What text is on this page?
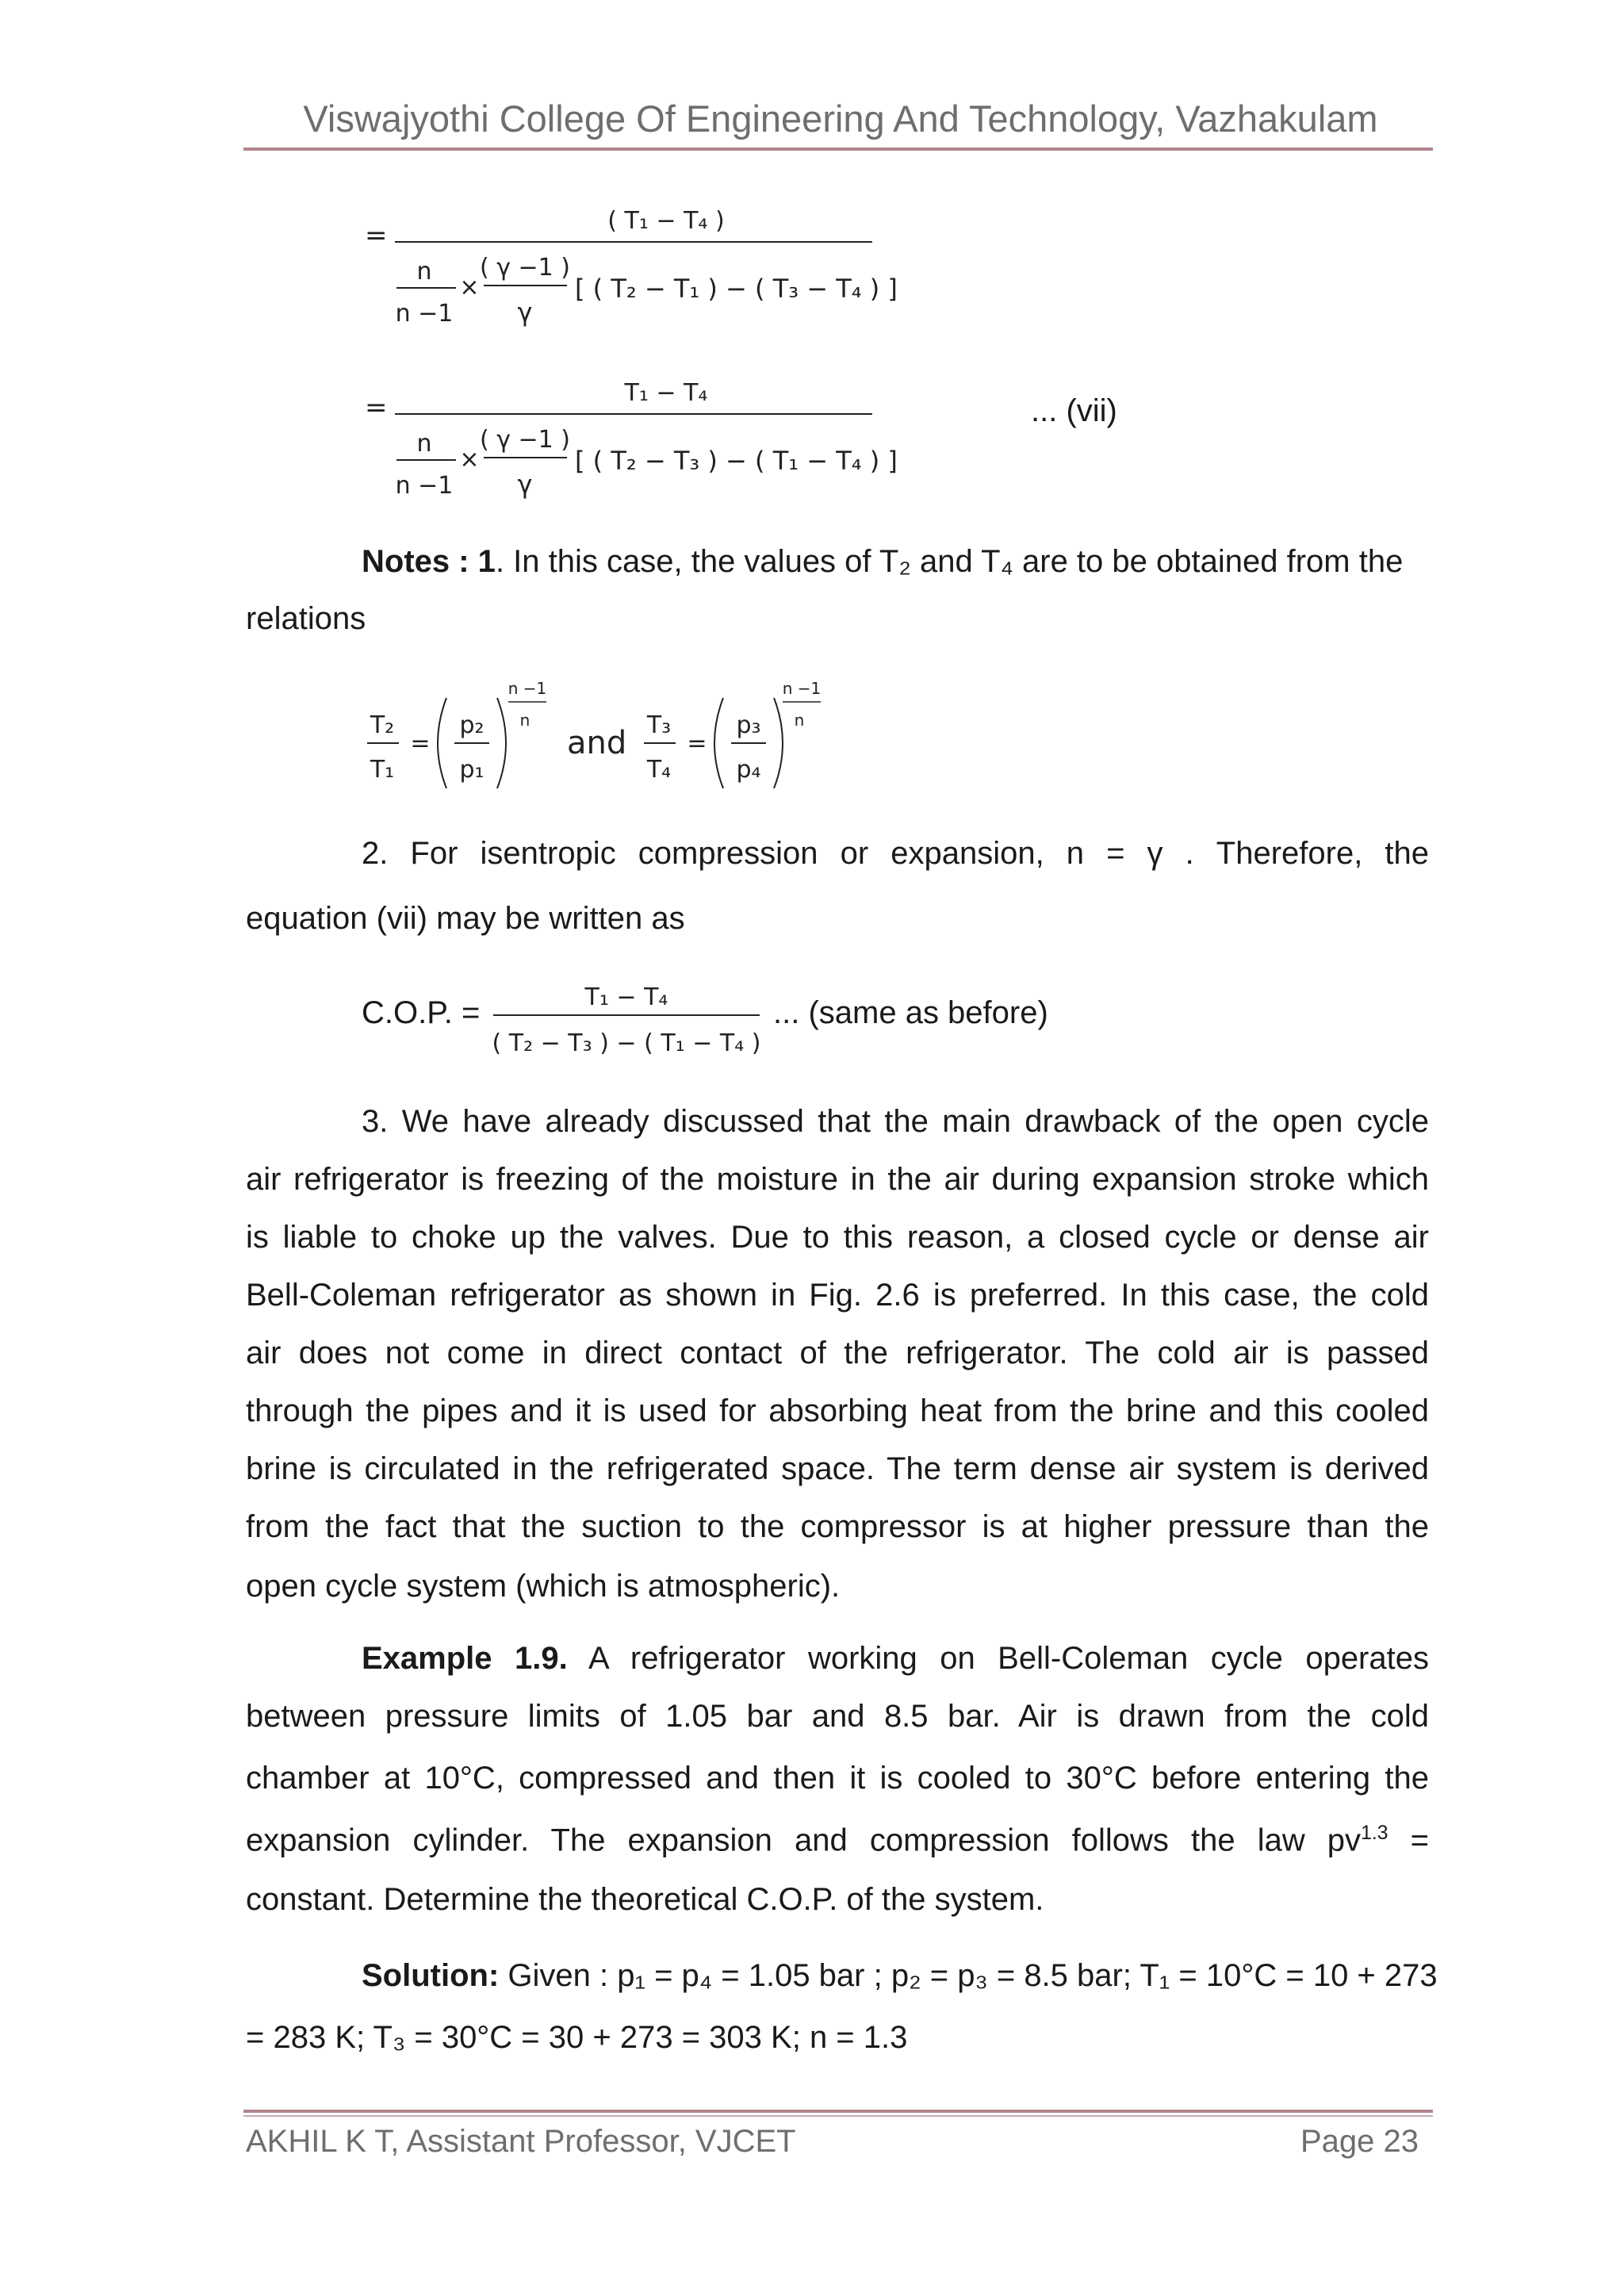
Viswajyothi College Of Engineering And Technology, Vazhakulam
=	( T₁ − T₄ )
n
n −1
×
( γ −1 )
γ
[ ( T₂ − T₁ ) − ( T₃ − T₄ ) ]
=	T₁ − T₄
n
n −1
×
( γ −1 )
γ
[ ( T₂ − T₃ ) − ( T₁ − T₄ ) ]
... (vii)
Notes : 1. In this case, the values of T₂ and T₄ are to be obtained from the
relations
T₂
T₁
=
p₂
p₁
n −1
n
and T₃
T₄
=
p₃
p₄
n −1
n
2. For isentropic compression or expansion, n = γ . Therefore, the
equation (vii) may be written as
C.O.P. =	T₁ − T₄
( T₂ − T₃ ) − ( T₁ − T₄ )
... (same as before)
3. We have already discussed that the main drawback of the open cycle
air refrigerator is freezing of the moisture in the air during expansion stroke which
is liable to choke up the valves. Due to this reason, a closed cycle or dense air
Bell-Coleman refrigerator as shown in Fig. 2.6 is preferred. In this case, the cold
air does not come in direct contact of the refrigerator. The cold air is passed
through the pipes and it is used for absorbing heat from the brine and this cooled
brine is circulated in the refrigerated space. The term dense air system is derived
from the fact that the suction to the compressor is at higher pressure than the
open cycle system (which is atmospheric).
Example 1.9. A refrigerator working on Bell-Coleman cycle operates
between pressure limits of 1.05 bar and 8.5 bar. Air is drawn from the cold
chamber at 10°C, compressed and then it is cooled to 30°C before entering the
expansion cylinder. The expansion and compression follows the law $pv^{1.3}$ =
constant. Determine the theoretical C.O.P. of the system.
Solution: Given : p₁ = p₄ = 1.05 bar ; p₂ = p₃ = 8.5 bar; T₁ = 10°C = 10 + 273
= 283 K; T₃ = 30°C = 30 + 273 = 303 K; n = 1.3
AKHIL K T, Assistant Professor, VJCET	Page 23
